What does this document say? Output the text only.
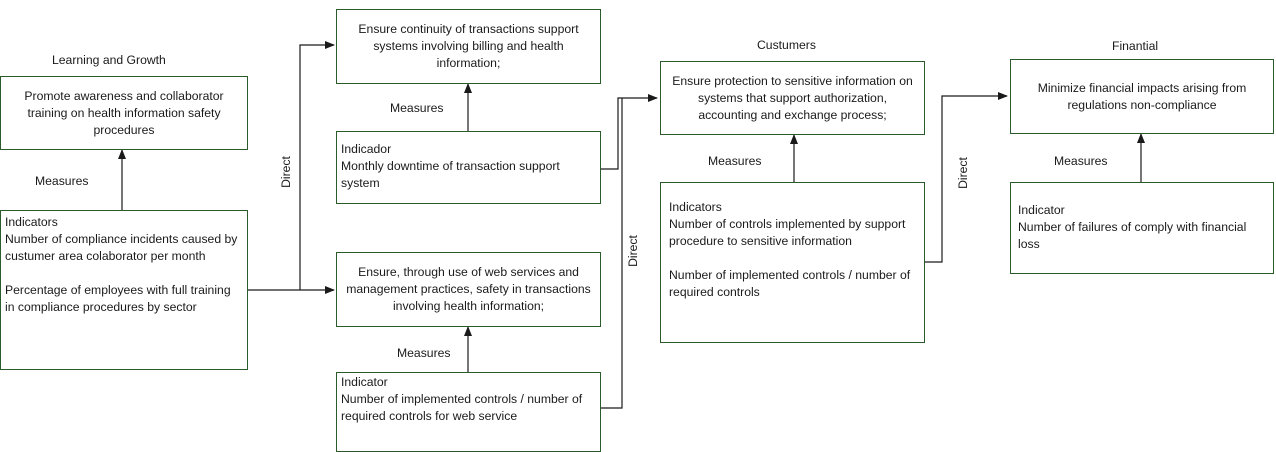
Learning and Growth
Custumers	Finantial
Promote awareness and collaborator training on health information safety procedures
Ensure continuity of transactions support systems involving billing and health information;
Ensure, through use of web services and management practices, safety in transactions involving health information;
Ensure protection to sensitive information on systems that support authorization, accounting and exchange process;
Minimize financial impacts arising from regulations non-compliance
Indicators
Number of compliance incidents caused by custumer area colaborator per month

Percentage of employees with full training in compliance procedures by sector
Indicador
Monthly downtime of transaction support system
Indicator
Number of implemented controls / number of required controls for web service
Indicators
Number of controls implemented by support procedure to sensitive information

Number of implemented controls / number of required controls
Indicator
Number of failures of comply with financial loss
Measures
Measures
Measures
Measures	Measures
Direct
Direct
Direct
